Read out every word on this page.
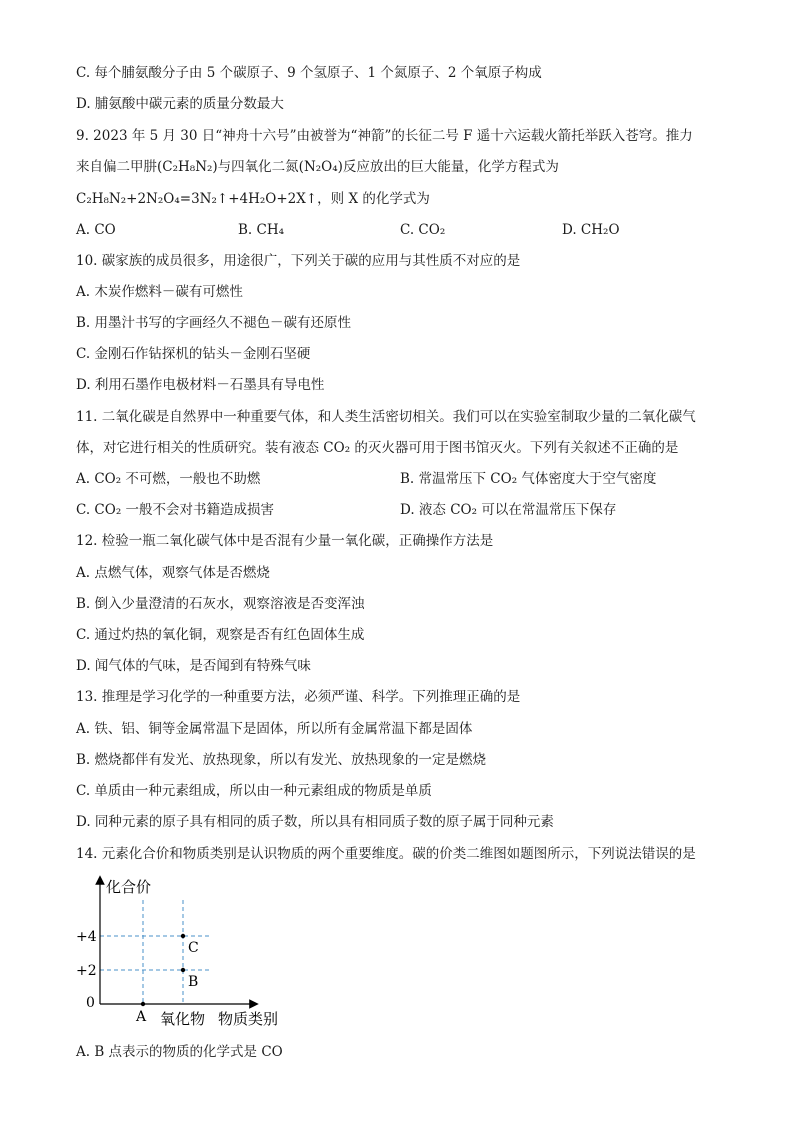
C. 每个脯氨酸分子由 5 个碳原子、9 个氢原子、1 个氮原子、2 个氧原子构成
D. 脯氨酸中碳元素的质量分数最大
9. 2023 年 5 月 30 日“神舟十六号”由被誉为“神箭”的长征二号 F 遥十六运载火箭托举跃入苍穹。推力
来自偏二甲肼(C₂H₈N₂)与四氧化二氮(N₂O₄)反应放出的巨大能量，化学方程式为
C₂H₈N₂+2N₂O₄=3N₂↑+4H₂O+2X↑，则 X 的化学式为
A. CO	B. CH₄	C. CO₂	D. CH₂O
10. 碳家族的成员很多，用途很广，下列关于碳的应用与其性质不对应的是
A. 木炭作燃料－碳有可燃性
B. 用墨汁书写的字画经久不褪色－碳有还原性
C. 金刚石作钻探机的钻头－金刚石坚硬
D. 利用石墨作电极材料－石墨具有导电性
11. 二氧化碳是自然界中一种重要气体，和人类生活密切相关。我们可以在实验室制取少量的二氧化碳气
体，对它进行相关的性质研究。装有液态 CO₂ 的灭火器可用于图书馆灭火。下列有关叙述不正确的是
A. CO₂ 不可燃，一般也不助燃	B. 常温常压下 CO₂ 气体密度大于空气密度
C. CO₂ 一般不会对书籍造成损害	D. 液态 CO₂ 可以在常温常压下保存
12. 检验一瓶二氧化碳气体中是否混有少量一氧化碳，正确操作方法是
A. 点燃气体，观察气体是否燃烧
B. 倒入少量澄清的石灰水，观察溶液是否变浑浊
C. 通过灼热的氧化铜，观察是否有红色固体生成
D. 闻气体的气味，是否闻到有特殊气味
13. 推理是学习化学的一种重要方法，必须严谨、科学。下列推理正确的是
A. 铁、铝、铜等金属常温下是固体，所以所有金属常温下都是固体
B. 燃烧都伴有发光、放热现象，所以有发光、放热现象的一定是燃烧
C. 单质由一种元素组成，所以由一种元素组成的物质是单质
D. 同种元素的原子具有相同的质子数，所以具有相同质子数的原子属于同种元素
14. 元素化合价和物质类别是认识物质的两个重要维度。碳的价类二维图如题图所示，下列说法错误的是
化合价
物质类别
氧化物
+4
+2
0
A
B
C
A. B 点表示的物质的化学式是 CO
